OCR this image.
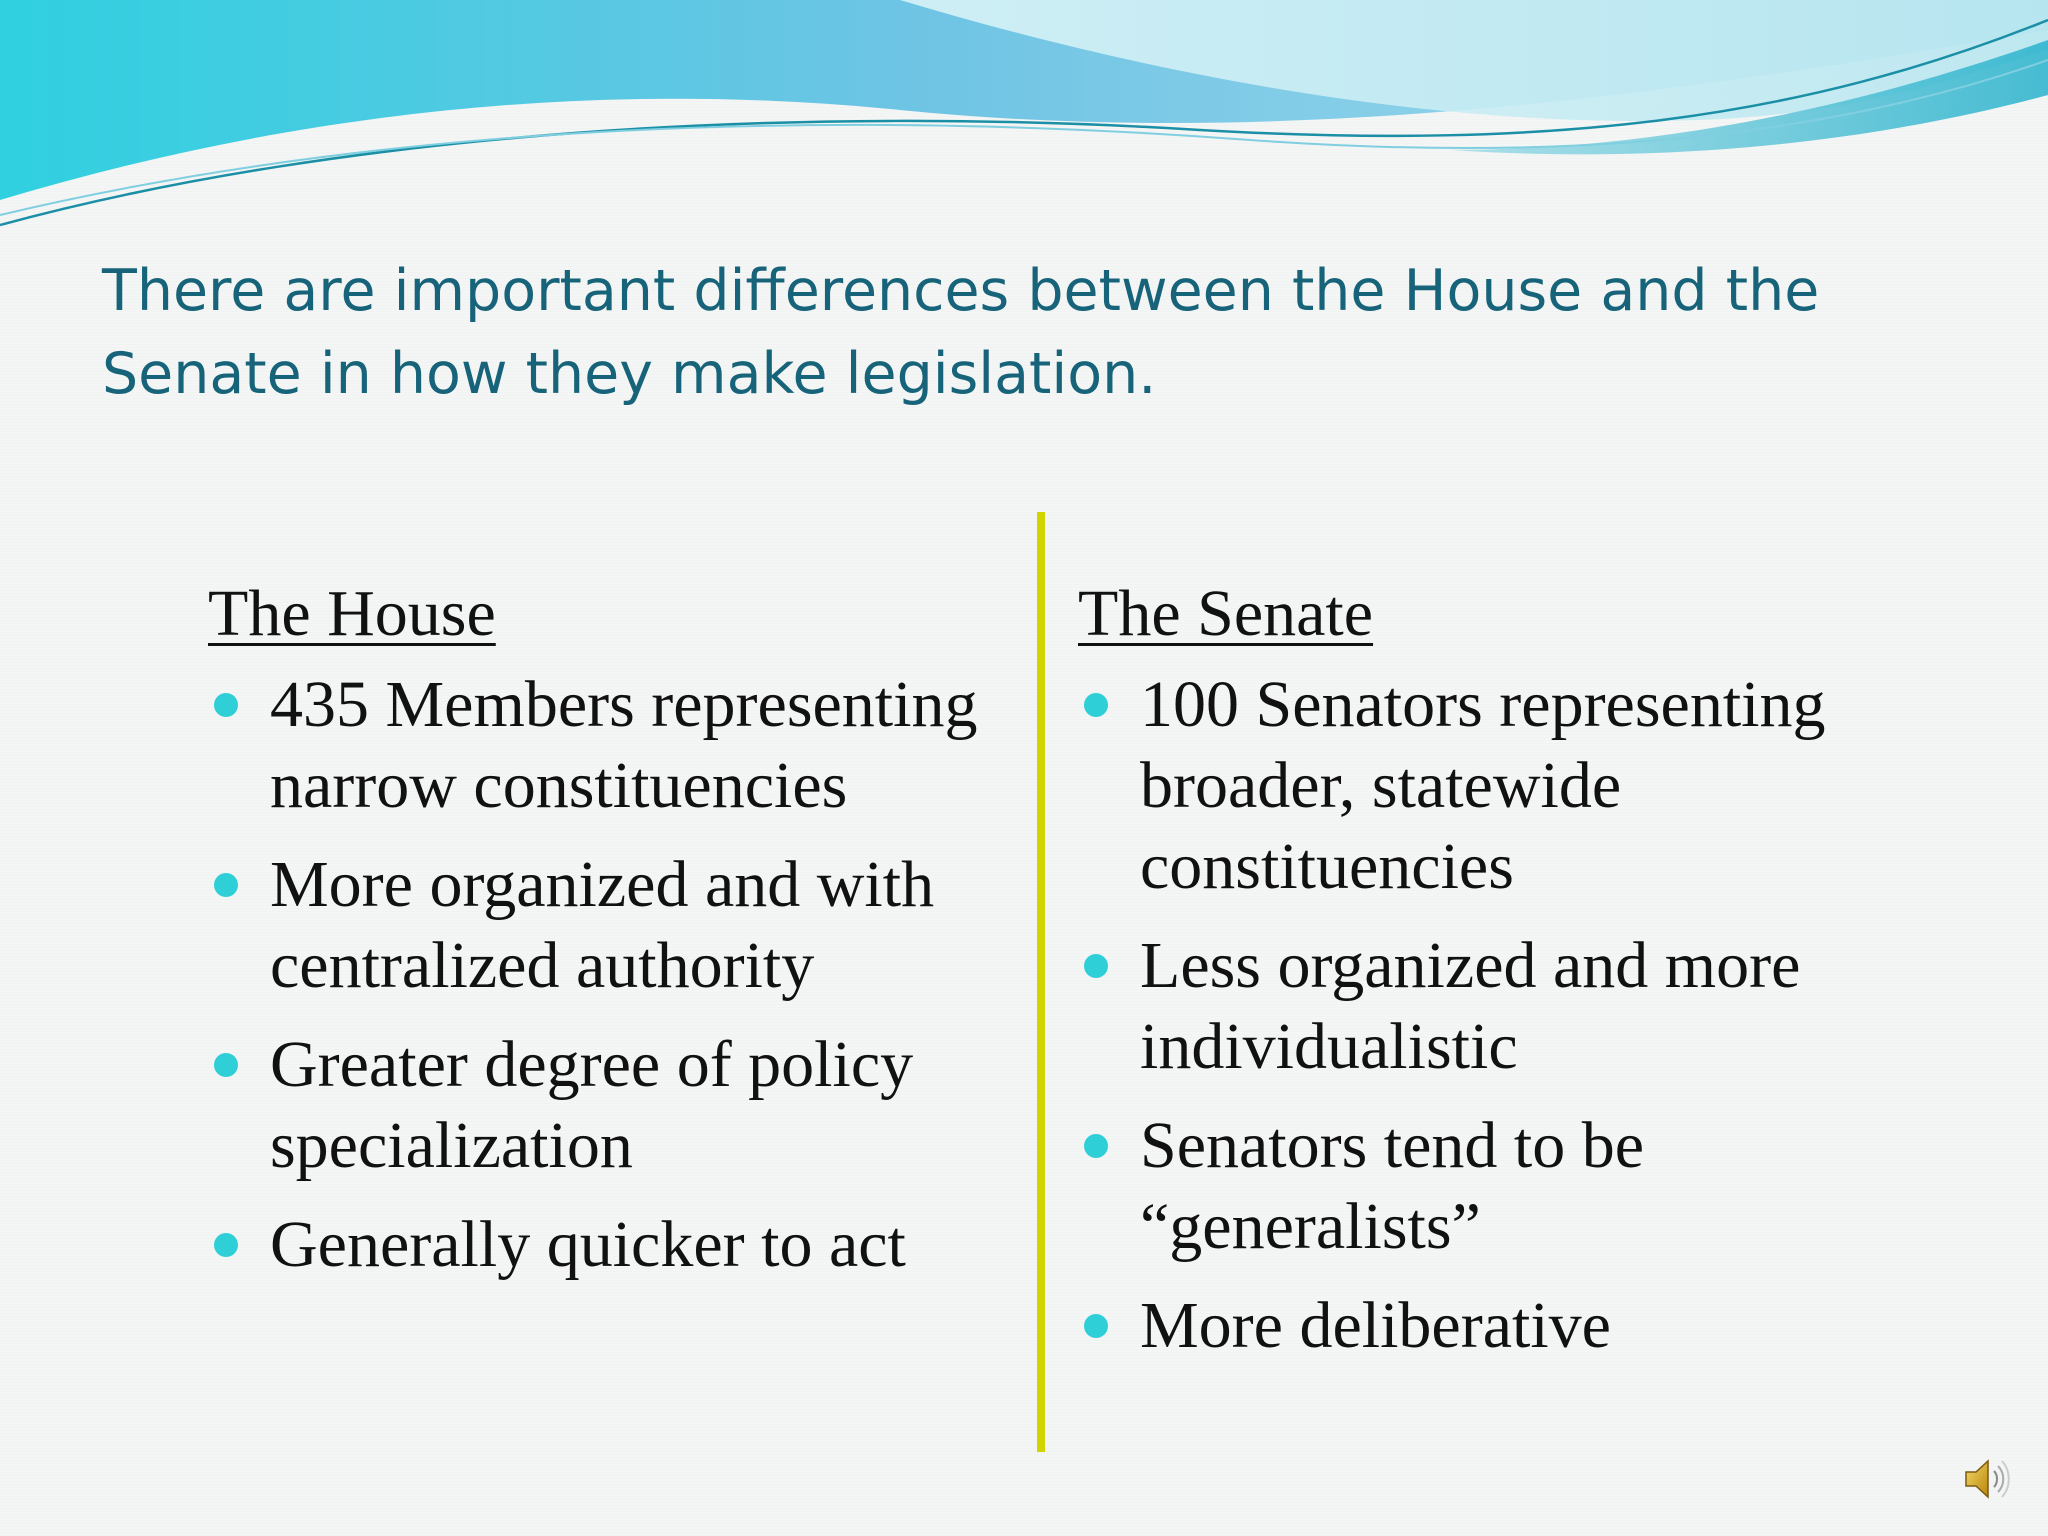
There are important differences between the House and the Senate in how they make legislation.
The House
435 Members representing narrow constituencies
More organized and with centralized authority
Greater degree of policy specialization
Generally quicker to act
The Senate
100 Senators representing broader, statewide constituencies
Less organized and more individualistic
Senators tend to be “generalists”
More deliberative
